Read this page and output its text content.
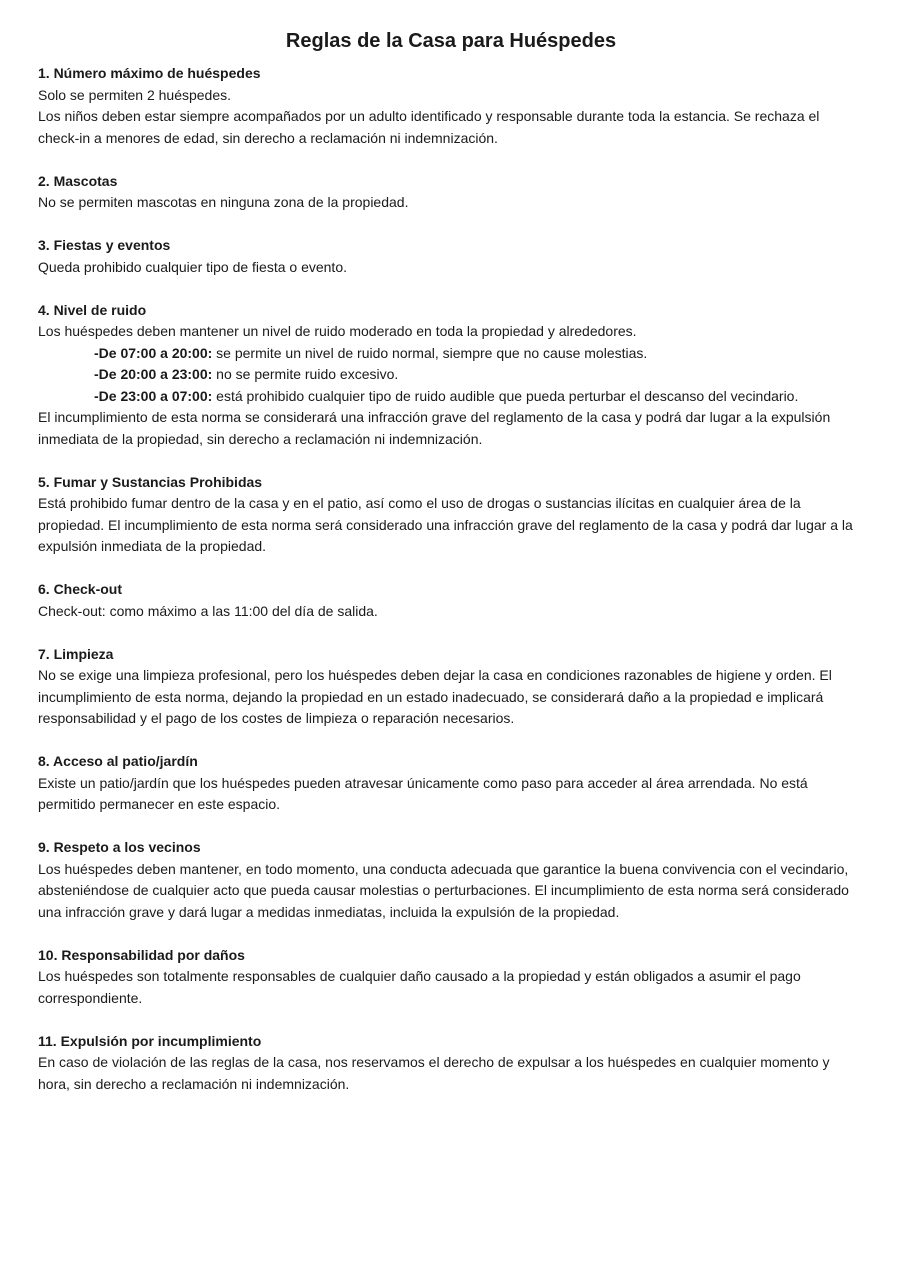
Reglas de la Casa para Huéspedes

1. Número máximo de huéspedes

Solo se permiten 2 huéspedes.

Los niños deben estar siempre acompañados por un adulto identificado y responsable durante toda la estancia. Se rechaza el check-in a menores de edad, sin derecho a reclamación ni indemnización.

2. Mascotas

No se permiten mascotas en ninguna zona de la propiedad.

3. Fiestas y eventos

Queda prohibido cualquier tipo de fiesta o evento.

4. Nivel de ruido

Los huéspedes deben mantener un nivel de ruido moderado en toda la propiedad y alrededores.

-De 07:00 a 20:00: se permite un nivel de ruido normal, siempre que no cause molestias.

-De 20:00 a 23:00: no se permite ruido excesivo.

-De 23:00 a 07:00: está prohibido cualquier tipo de ruido audible que pueda perturbar el descanso del vecindario.

El incumplimiento de esta norma se considerará una infracción grave del reglamento de la casa y podrá dar lugar a la expulsión inmediata de la propiedad, sin derecho a reclamación ni indemnización.

5. Fumar y Sustancias Prohibidas

Está prohibido fumar dentro de la casa y en el patio, así como el uso de drogas o sustancias ilícitas en cualquier área de la propiedad. El incumplimiento de esta norma será considerado una infracción grave del reglamento de la casa y podrá dar lugar a la expulsión inmediata de la propiedad.

6. Check-out

Check-out: como máximo a las 11:00 del día de salida.

7. Limpieza

No se exige una limpieza profesional, pero los huéspedes deben dejar la casa en condiciones razonables de higiene y orden. El incumplimiento de esta norma, dejando la propiedad en un estado inadecuado, se considerará daño a la propiedad e implicará responsabilidad y el pago de los costes de limpieza o reparación necesarios.

8. Acceso al patio/jardín

Existe un patio/jardín que los huéspedes pueden atravesar únicamente como paso para acceder al área arrendada. No está permitido permanecer en este espacio.

9. Respeto a los vecinos

Los huéspedes deben mantener, en todo momento, una conducta adecuada que garantice la buena convivencia con el vecindario, absteniéndose de cualquier acto que pueda causar molestias o perturbaciones. El incumplimiento de esta norma será considerado una infracción grave y dará lugar a medidas inmediatas, incluida la expulsión de la propiedad.

10. Responsabilidad por daños

Los huéspedes son totalmente responsables de cualquier daño causado a la propiedad y están obligados a asumir el pago correspondiente.

11. Expulsión por incumplimiento

En caso de violación de las reglas de la casa, nos reservamos el derecho de expulsar a los huéspedes en cualquier momento y hora, sin derecho a reclamación ni indemnización.
